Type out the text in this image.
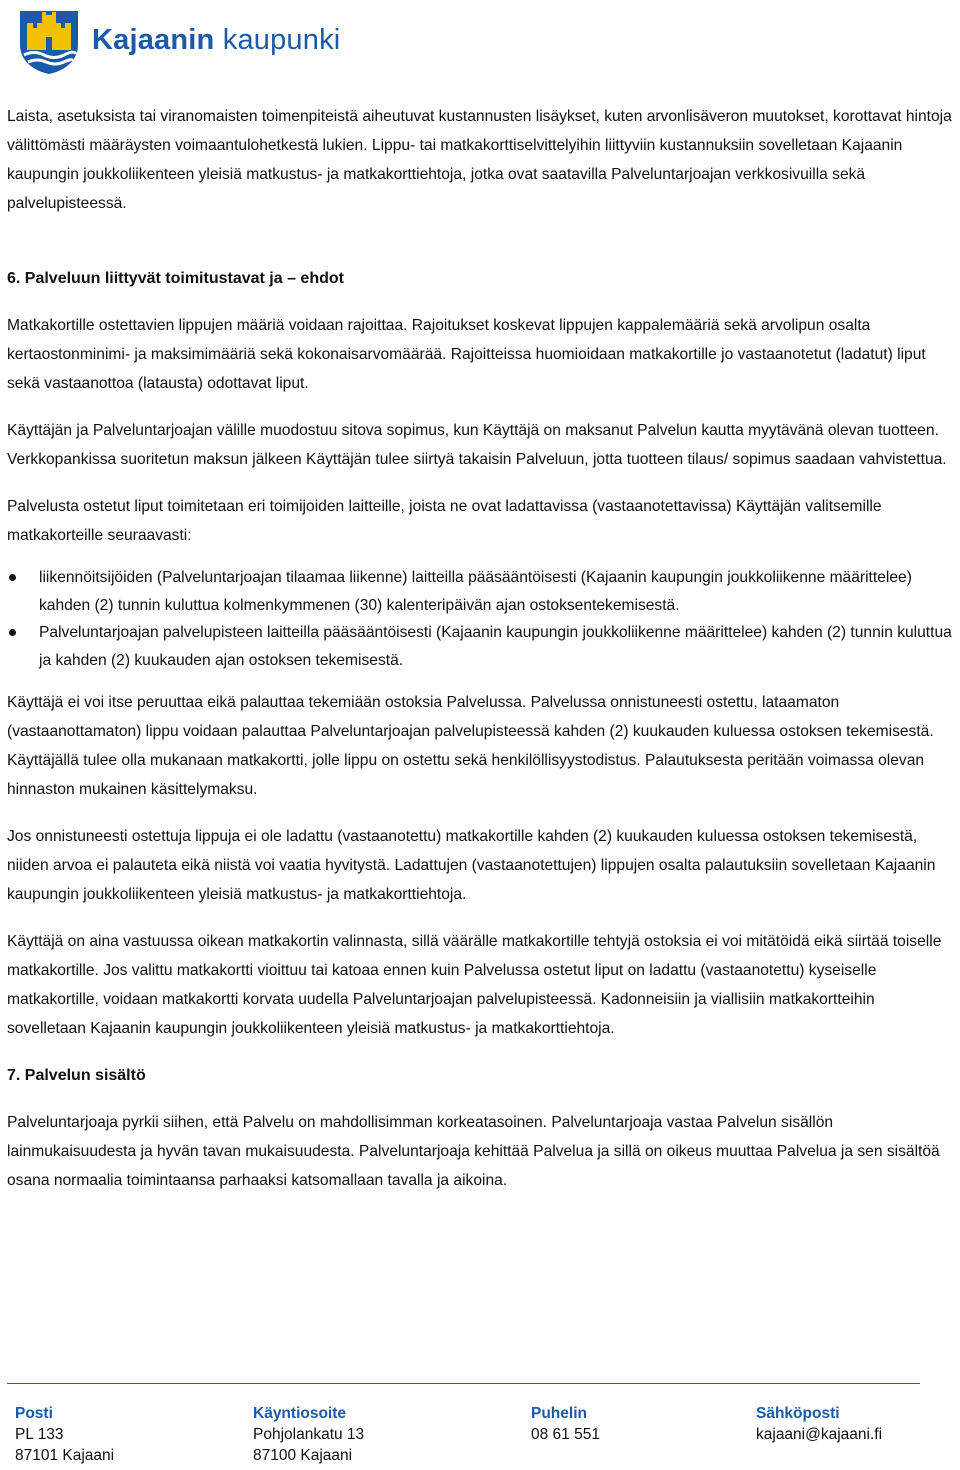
Kajaanin kaupunki

Laista, asetuksista tai viranomaisten toimenpiteistä aiheutuvat kustannusten lisäykset, kuten arvonlisäveron muutokset, korottavat hintoja välittömästi määräysten voimaantulohetkestä lukien. Lippu- tai matkakorttiselvittelyihin liittyviin kustannuksiin sovelletaan Kajaanin kaupungin joukkoliikenteen yleisiä matkustus- ja matkakorttiehtoja, jotka ovat saatavilla Palveluntarjoajan verkkosivuilla sekä palvelupisteessä.

6. Palveluun liittyvät toimitustavat ja – ehdot

Matkakortille ostettavien lippujen määriä voidaan rajoittaa. Rajoitukset koskevat lippujen kappalemääriä sekä arvolipun osalta kertaostonminimi- ja maksimimääriä sekä kokonaisarvomäärää. Rajoitteissa huomioidaan matkakortille jo vastaanotetut (ladatut) liput sekä vastaanottoa (latausta) odottavat liput.

Käyttäjän ja Palveluntarjoajan välille muodostuu sitova sopimus, kun Käyttäjä on maksanut Palvelun kautta myytävänä olevan tuotteen. Verkkopankissa suoritetun maksun jälkeen Käyttäjän tulee siirtyä takaisin Palveluun, jotta tuotteen tilaus/ sopimus saadaan vahvistettua.

Palvelusta ostetut liput toimitetaan eri toimijoiden laitteille, joista ne ovat ladattavissa (vastaanotettavissa) Käyttäjän valitsemille matkakorteille seuraavasti:

liikennöitsijöiden (Palveluntarjoajan tilaamaa liikenne) laitteilla pääsääntöisesti (Kajaanin kaupungin joukkoliikenne määrittelee) kahden (2) tunnin kuluttua kolmenkymmenen (30) kalenteripäivän ajan ostoksentekemisestä.
Palveluntarjoajan palvelupisteen laitteilla pääsääntöisesti (Kajaanin kaupungin joukkoliikenne määrittelee) kahden (2) tunnin kuluttua ja kahden (2) kuukauden ajan ostoksen tekemisestä.

Käyttäjä ei voi itse peruuttaa eikä palauttaa tekemiään ostoksia Palvelussa. Palvelussa onnistuneesti ostettu, lataamaton (vastaanottamaton) lippu voidaan palauttaa Palveluntarjoajan palvelupisteessä kahden (2) kuukauden kuluessa ostoksen tekemisestä. Käyttäjällä tulee olla mukanaan matkakortti, jolle lippu on ostettu sekä henkilöllisyystodistus. Palautuksesta peritään voimassa olevan hinnaston mukainen käsittelymaksu.

Jos onnistuneesti ostettuja lippuja ei ole ladattu (vastaanotettu) matkakortille kahden (2) kuukauden kuluessa ostoksen tekemisestä, niiden arvoa ei palauteta eikä niistä voi vaatia hyvitystä. Ladattujen (vastaanotettujen) lippujen osalta palautuksiin sovelletaan Kajaanin kaupungin joukkoliikenteen yleisiä matkustus- ja matkakorttiehtoja.

Käyttäjä on aina vastuussa oikean matkakortin valinnasta, sillä väärälle matkakortille tehtyjä ostoksia ei voi mitätöidä eikä siirtää toiselle matkakortille. Jos valittu matkakortti vioittuu tai katoaa ennen kuin Palvelussa ostetut liput on ladattu (vastaanotettu) kyseiselle matkakortille, voidaan matkakortti korvata uudella Palveluntarjoajan palvelupisteessä. Kadonneisiin ja viallisiin matkakortteihin sovelletaan Kajaanin kaupungin joukkoliikenteen yleisiä matkustus- ja matkakorttiehtoja.

7. Palvelun sisältö

Palveluntarjoaja pyrkii siihen, että Palvelu on mahdollisimman korkeatasoinen. Palveluntarjoaja vastaa Palvelun sisällön lainmukaisuudesta ja hyvän tavan mukaisuudesta. Palveluntarjoaja kehittää Palvelua ja sillä on oikeus muuttaa Palvelua ja sen sisältöä osana normaalia toimintaansa parhaaksi katsomallaan tavalla ja aikoina.

Posti
PL 133
87101 Kajaani
Käyntiosoite
Pohjolankatu 13
87100 Kajaani
Puhelin
08 61 551
Sähköposti
kajaani@kajaani.fi
